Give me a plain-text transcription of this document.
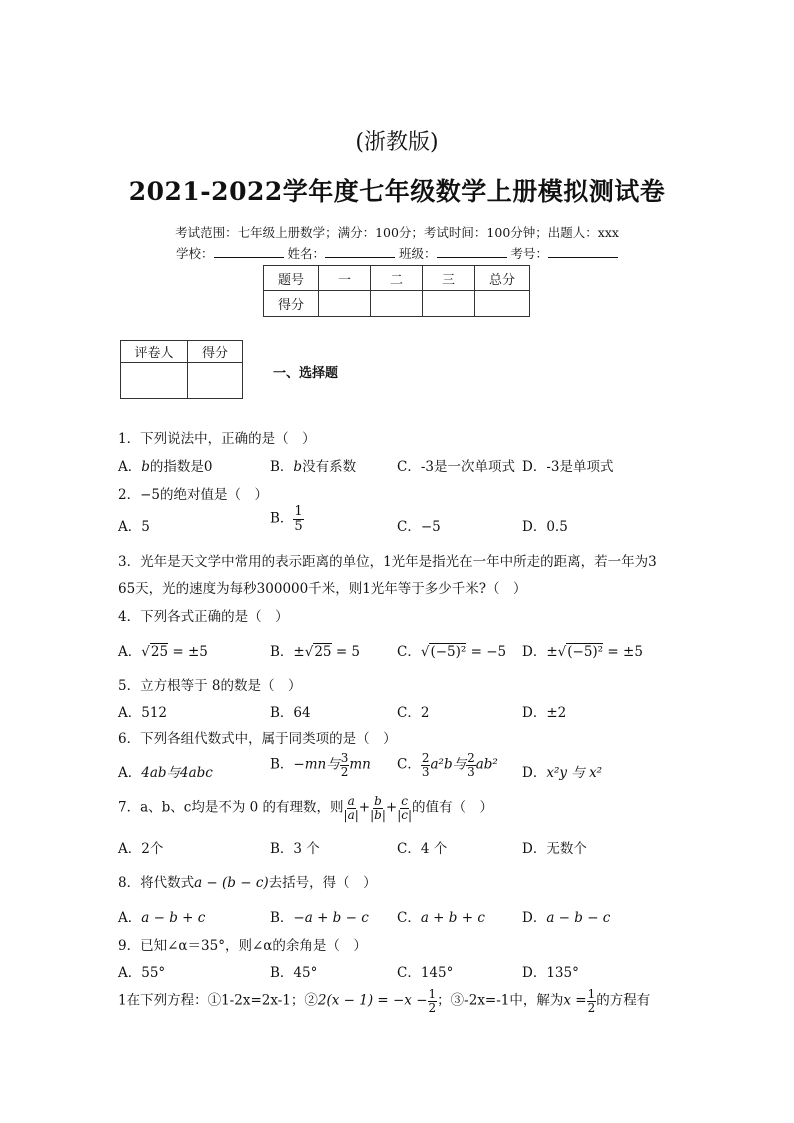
(浙教版)
2021-2022学年度七年级数学上册模拟测试卷
考试范围：七年级上册数学；满分：100分；考试时间：100分钟；出题人：xxx
学校：	姓名：	班级：	考号：
题号	一	二	三	总分
得分				
评卷人	得分

一、选择题
1．下列说法中，正确的是（　）
A．b的指数是0	B．b没有系数	C．-3是一次单项式 D．-3是单项式
2．−5的绝对值是（　）
A．5
B． $\frac{1}{5}$	C．−5	D．0.5
3．光年是天文学中常用的表示距离的单位，1光年是指光在一年中所走的距离，若一年为3
65天，光的速度为每秒300000千米，则1光年等于多少千米?（　）
4．下列各式正确的是（　）
A．√25 = ±5	B．±√25 = 5	C．√(−5)² = −5 D．±√(−5)² = ±5
5．立方根等于 8的数是（　）
A．512	B．64	C．2	D．±2
6．下列各组代数式中，属于同类项的是（　）
A．4ab与4abc
B．−mn与 $\frac{3}{2}$ mn C． $\frac{2}{3} a^2b$与 $\frac{2}{3} ab^2$
D．x²y 与 x²
7．a、b、c均是不为 0 的有理数，则 $\frac{a}{|a|} + \frac{b}{|b|} + \frac{c}{|c|}$ 的值有（　）
A．2个	B．3 个	C．4 个	D．无数个
8．将代数式a − (b − c)去括号，得（　）
A．a − b + c	B．−a + b − c C．a + b + c	D．a − b − c
9．已知∠α＝35°，则∠α的余角是（　）
A．55°	B．45°	C．145°	D．135°
1在下列方程：①1-2x=2x-1；②2(x − $1) = -x - \frac{1}{2}$ ；③-2x=-1中，解为$x = \frac{1}{2}$ 的方程有
